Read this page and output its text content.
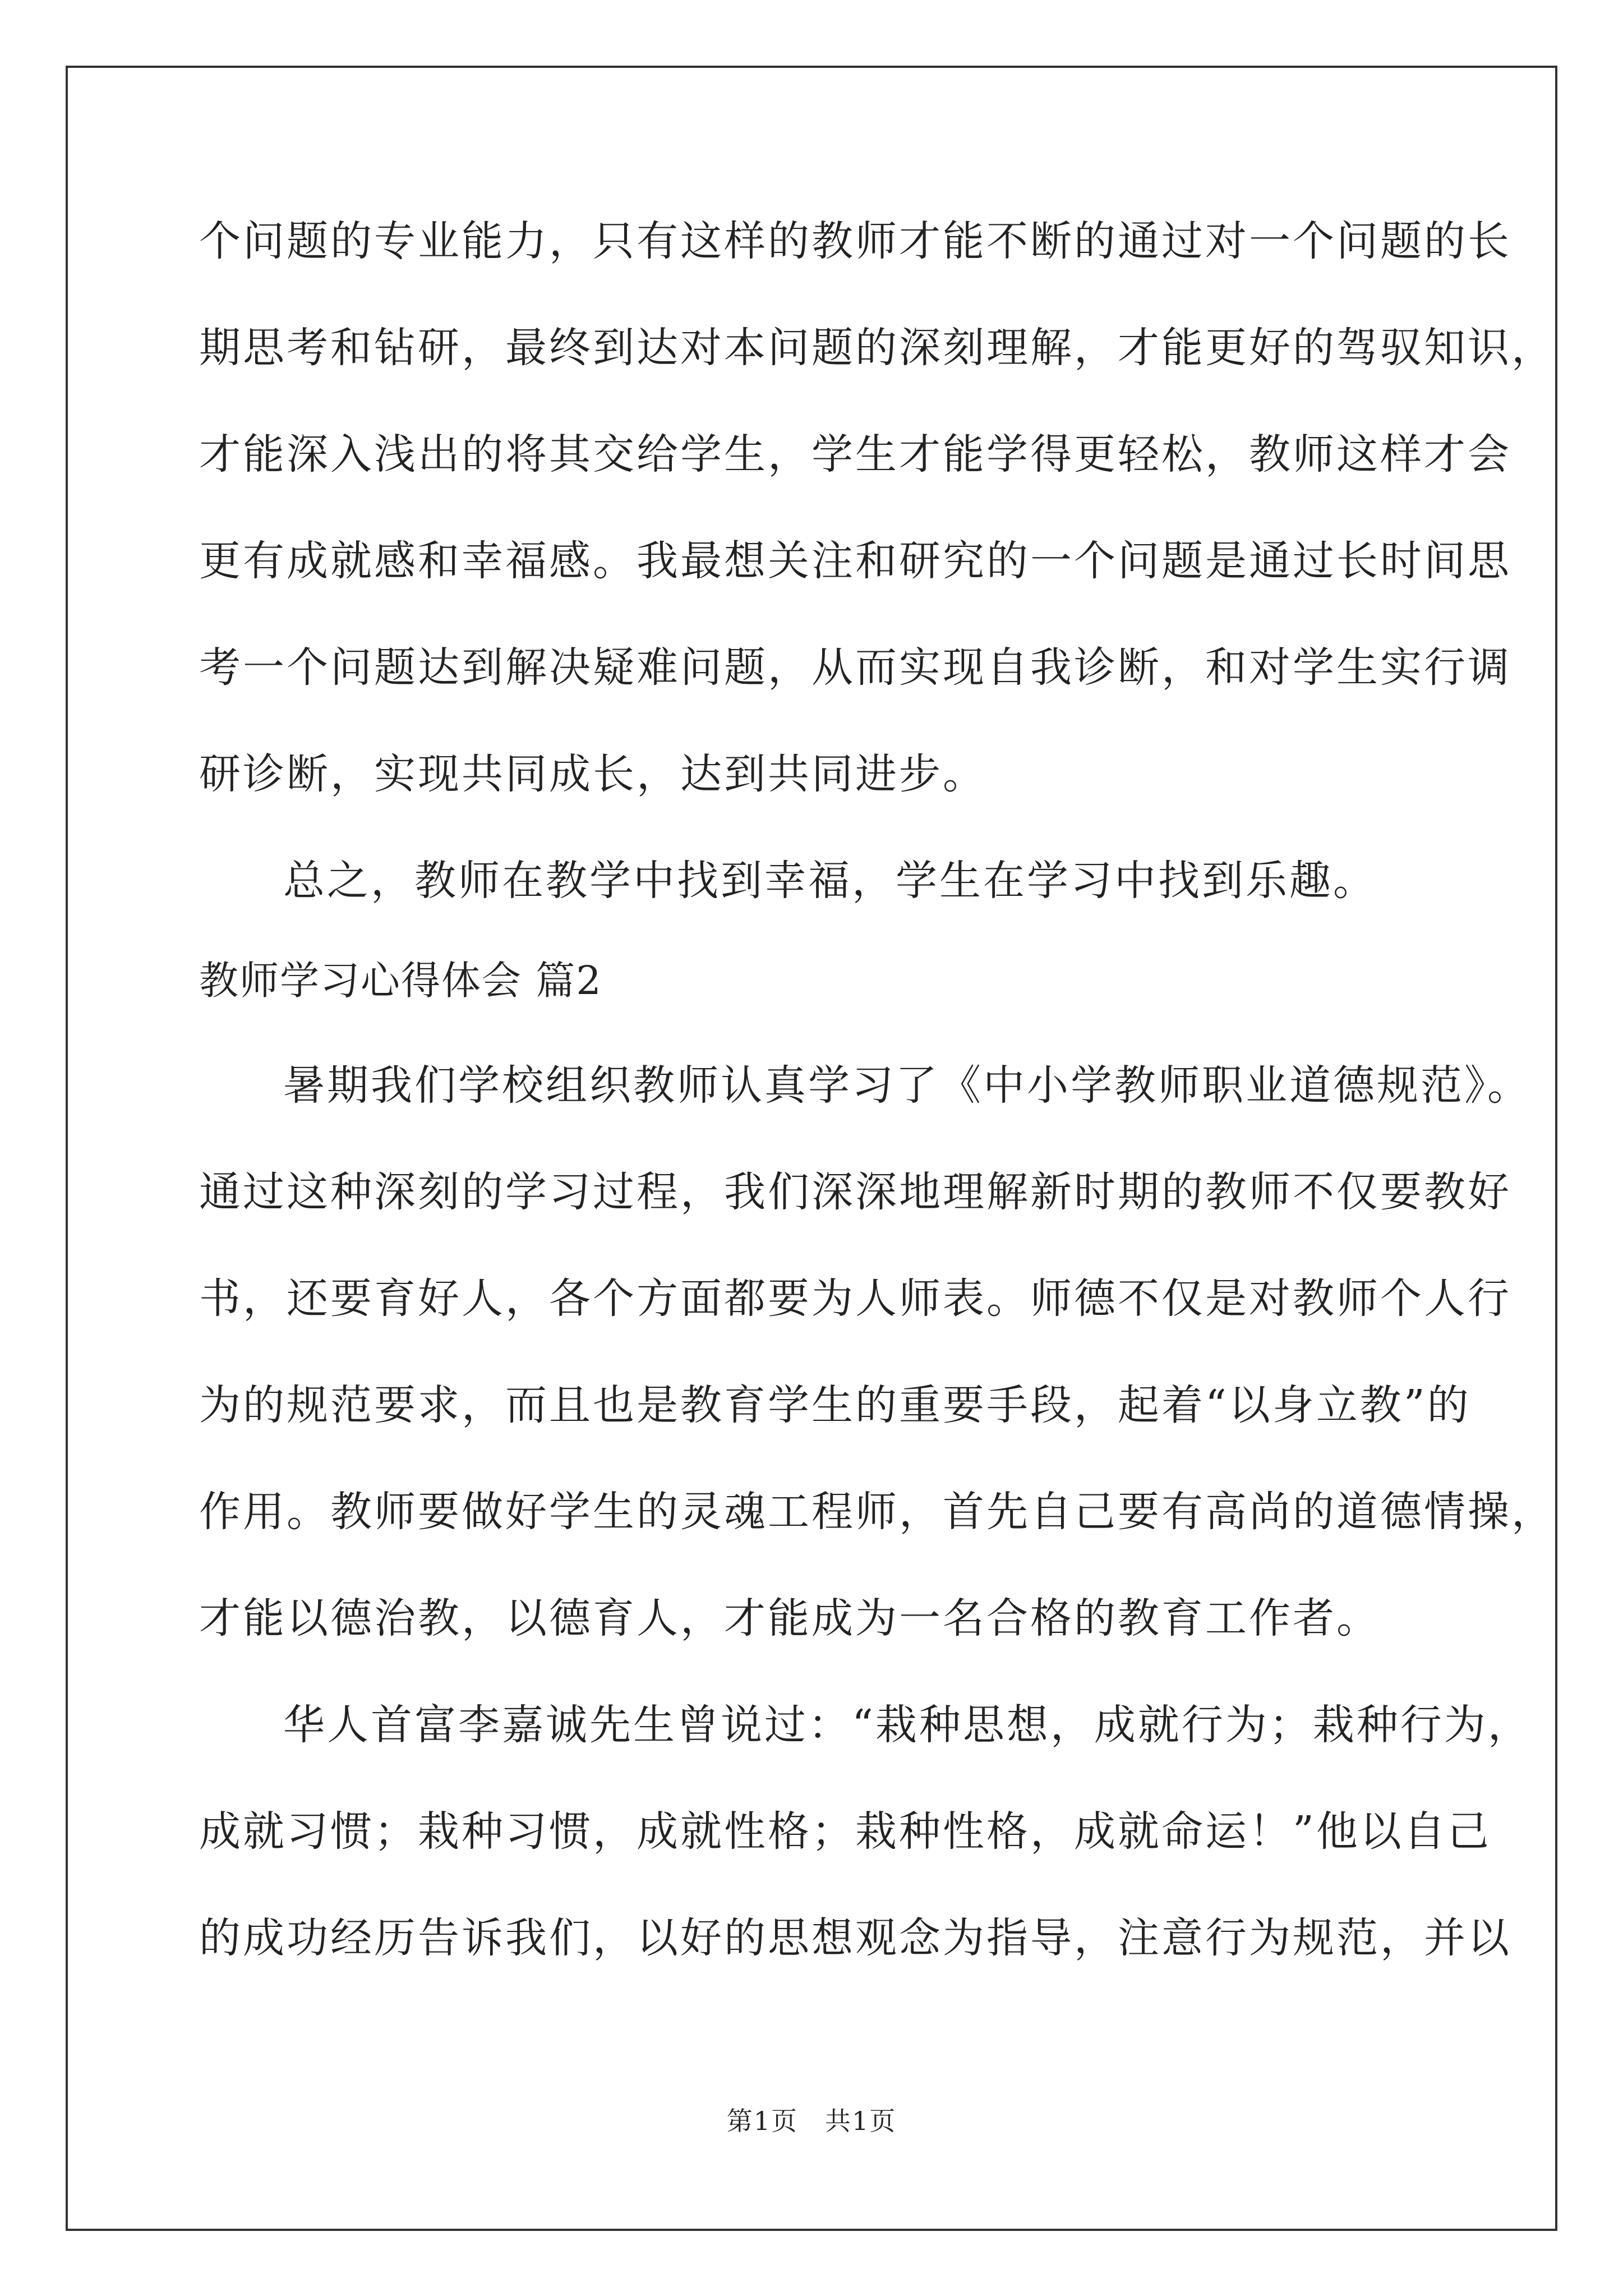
个问题的专业能力，只有这样的教师才能不断的通过对一个问题的长
期思考和钻研，最终到达对本问题的深刻理解，才能更好的驾驭知识，
才能深入浅出的将其交给学生，学生才能学得更轻松，教师这样才会
更有成就感和幸福感。我最想关注和研究的一个问题是通过长时间思
考一个问题达到解决疑难问题，从而实现自我诊断，和对学生实行调
研诊断，实现共同成长，达到共同进步。
总之，教师在教学中找到幸福，学生在学习中找到乐趣。
教师学习心得体会 篇2
暑期我们学校组织教师认真学习了《中小学教师职业道德规范》。
通过这种深刻的学习过程，我们深深地理解新时期的教师不仅要教好
书，还要育好人，各个方面都要为人师表。师德不仅是对教师个人行
为的规范要求，而且也是教育学生的重要手段，起着“以身立教”的
作用。教师要做好学生的灵魂工程师，首先自己要有高尚的道德情操，
才能以德治教，以德育人，才能成为一名合格的教育工作者。
华人首富李嘉诚先生曾说过：“栽种思想，成就行为；栽种行为，
成就习惯；栽种习惯，成就性格；栽种性格，成就命运！”他以自己
的成功经历告诉我们，以好的思想观念为指导，注意行为规范，并以
第1页　共1页
